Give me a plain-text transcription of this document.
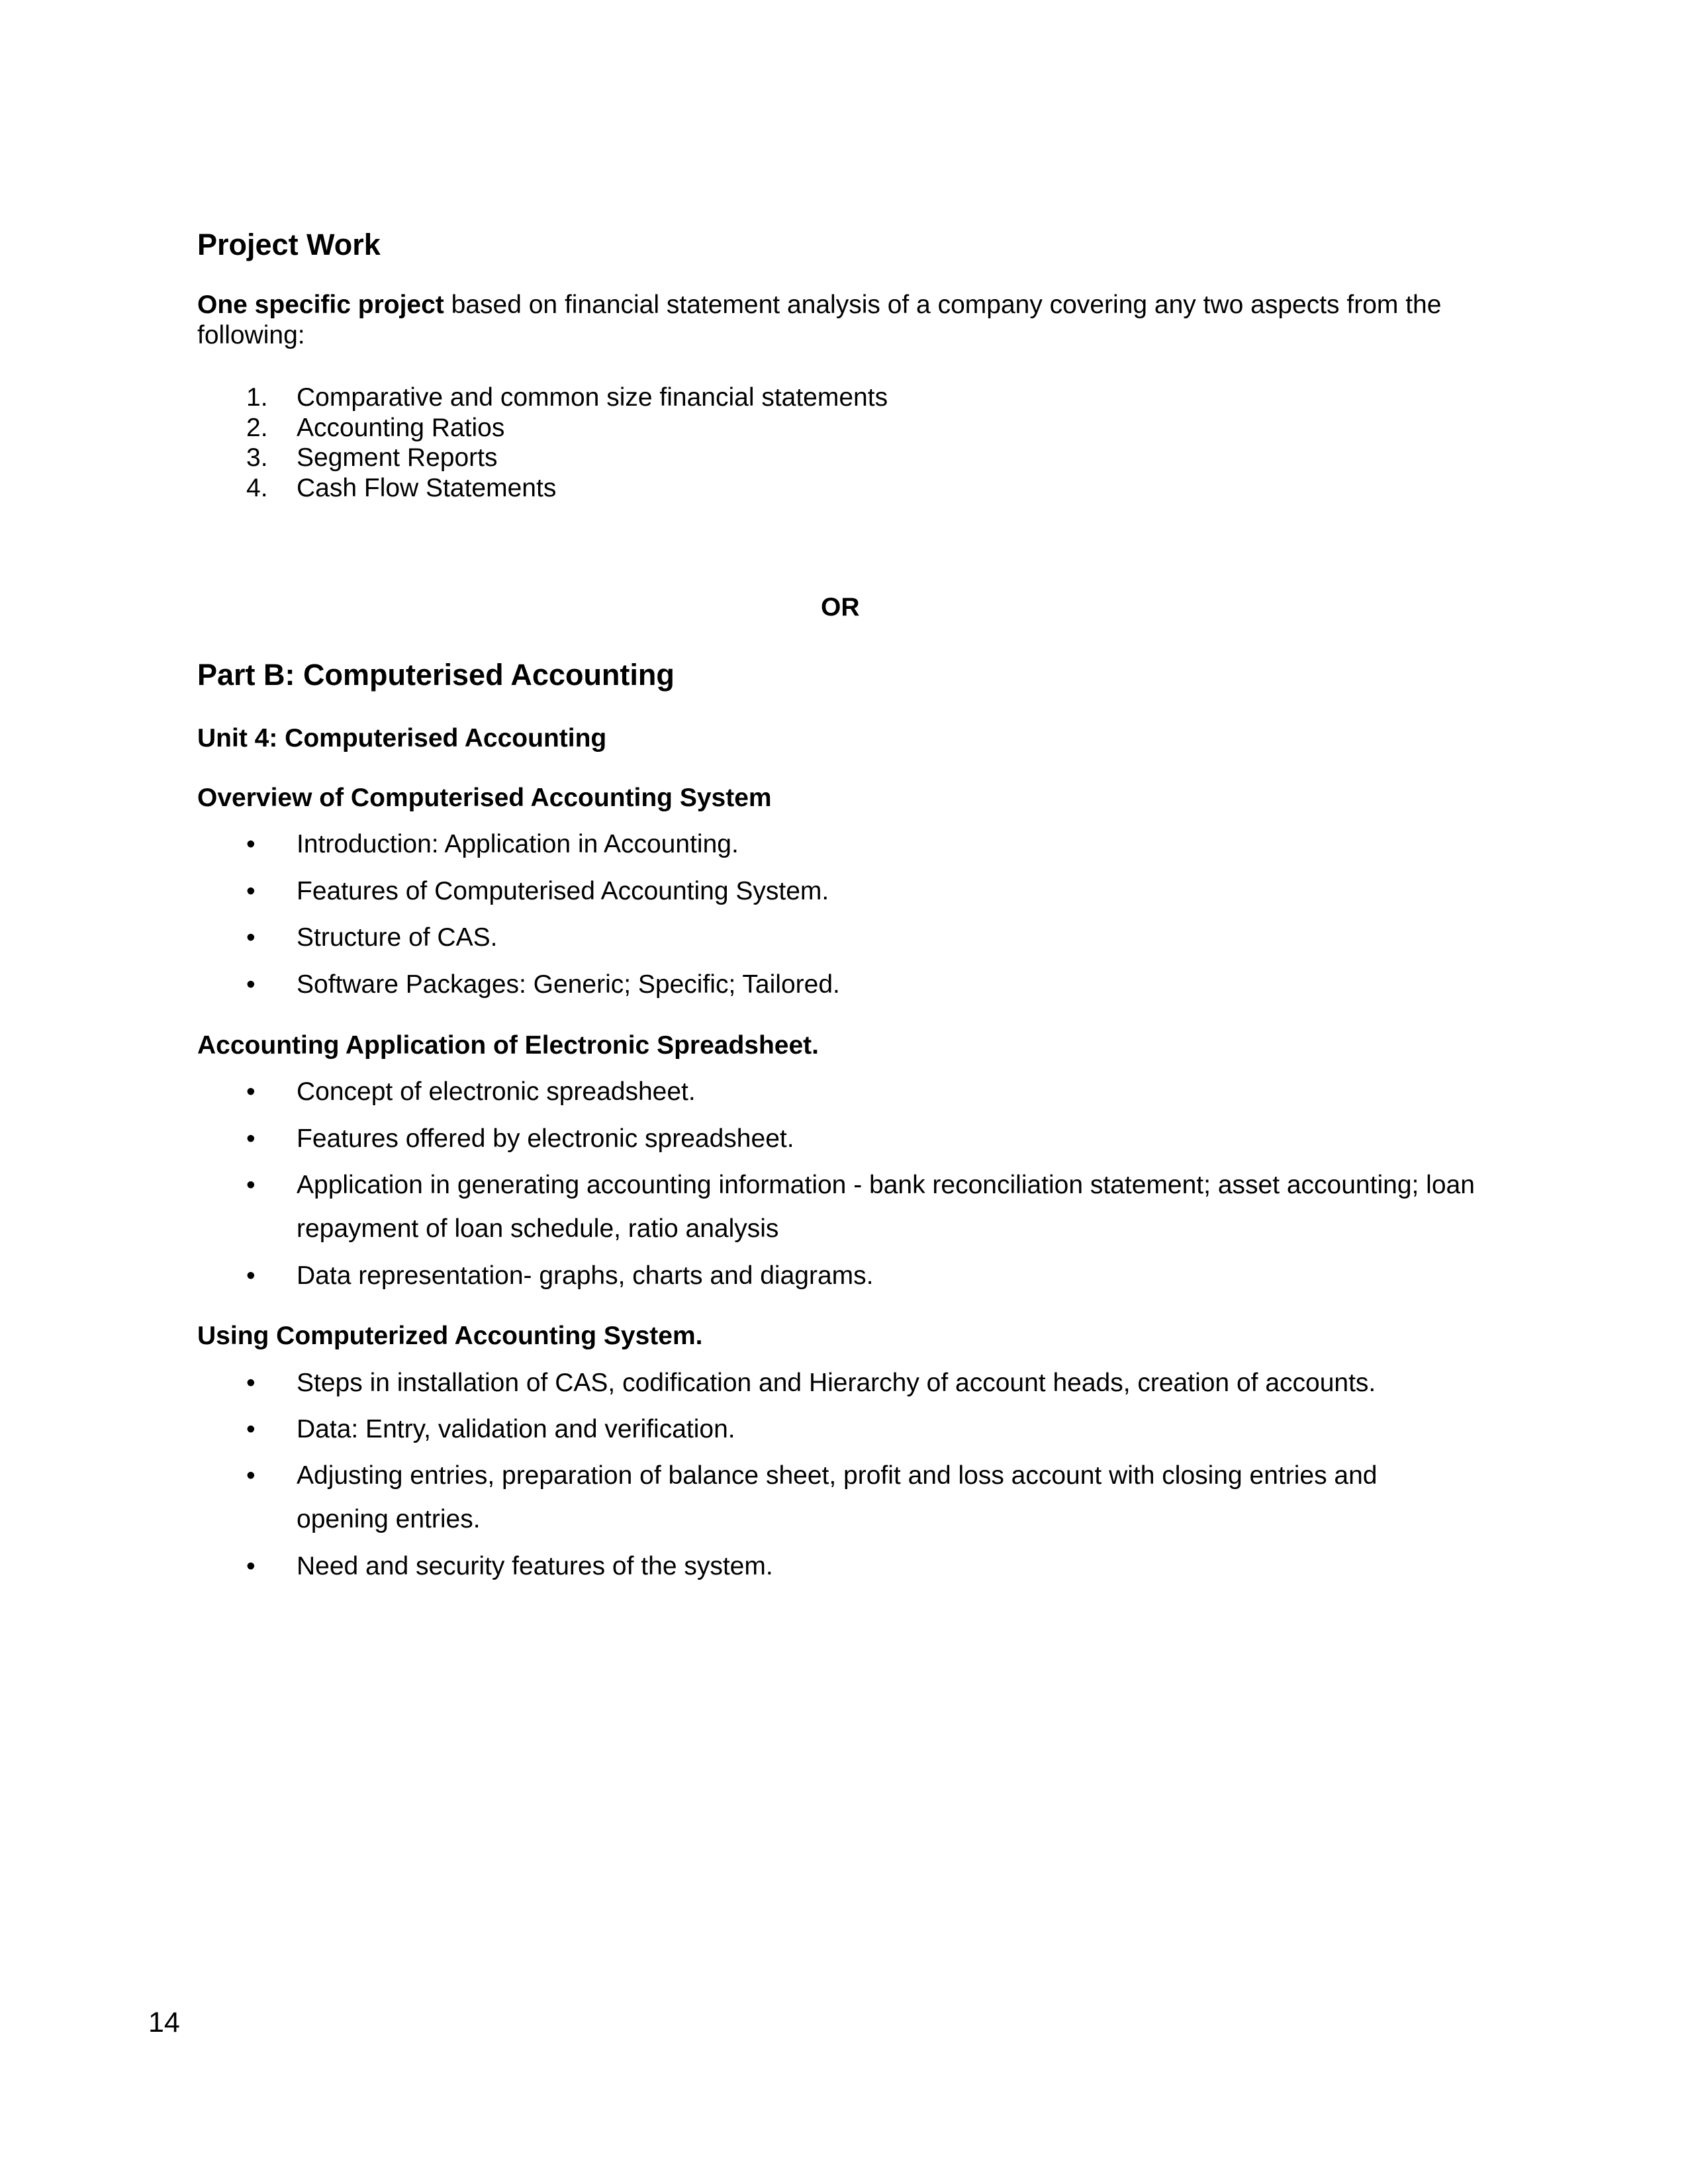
Project Work
One specific project based on financial statement analysis of a company covering any two aspects from the following:
1. Comparative and common size financial statements
2. Accounting Ratios
3. Segment Reports
4. Cash Flow Statements
OR
Part B: Computerised Accounting
Unit 4: Computerised Accounting
Overview of Computerised Accounting System
• Introduction: Application in Accounting.
• Features of Computerised Accounting System.
• Structure of CAS.
• Software Packages: Generic; Specific; Tailored.
Accounting Application of Electronic Spreadsheet.
• Concept of electronic spreadsheet.
• Features offered by electronic spreadsheet.
• Application in generating accounting information - bank reconciliation statement; asset accounting; loan repayment of loan schedule, ratio analysis
• Data representation- graphs, charts and diagrams.
Using Computerized Accounting System.
• Steps in installation of CAS, codification and Hierarchy of account heads, creation of accounts.
• Data: Entry, validation and verification.
• Adjusting entries, preparation of balance sheet, profit and loss account with closing entries and opening entries.
• Need and security features of the system.
14
